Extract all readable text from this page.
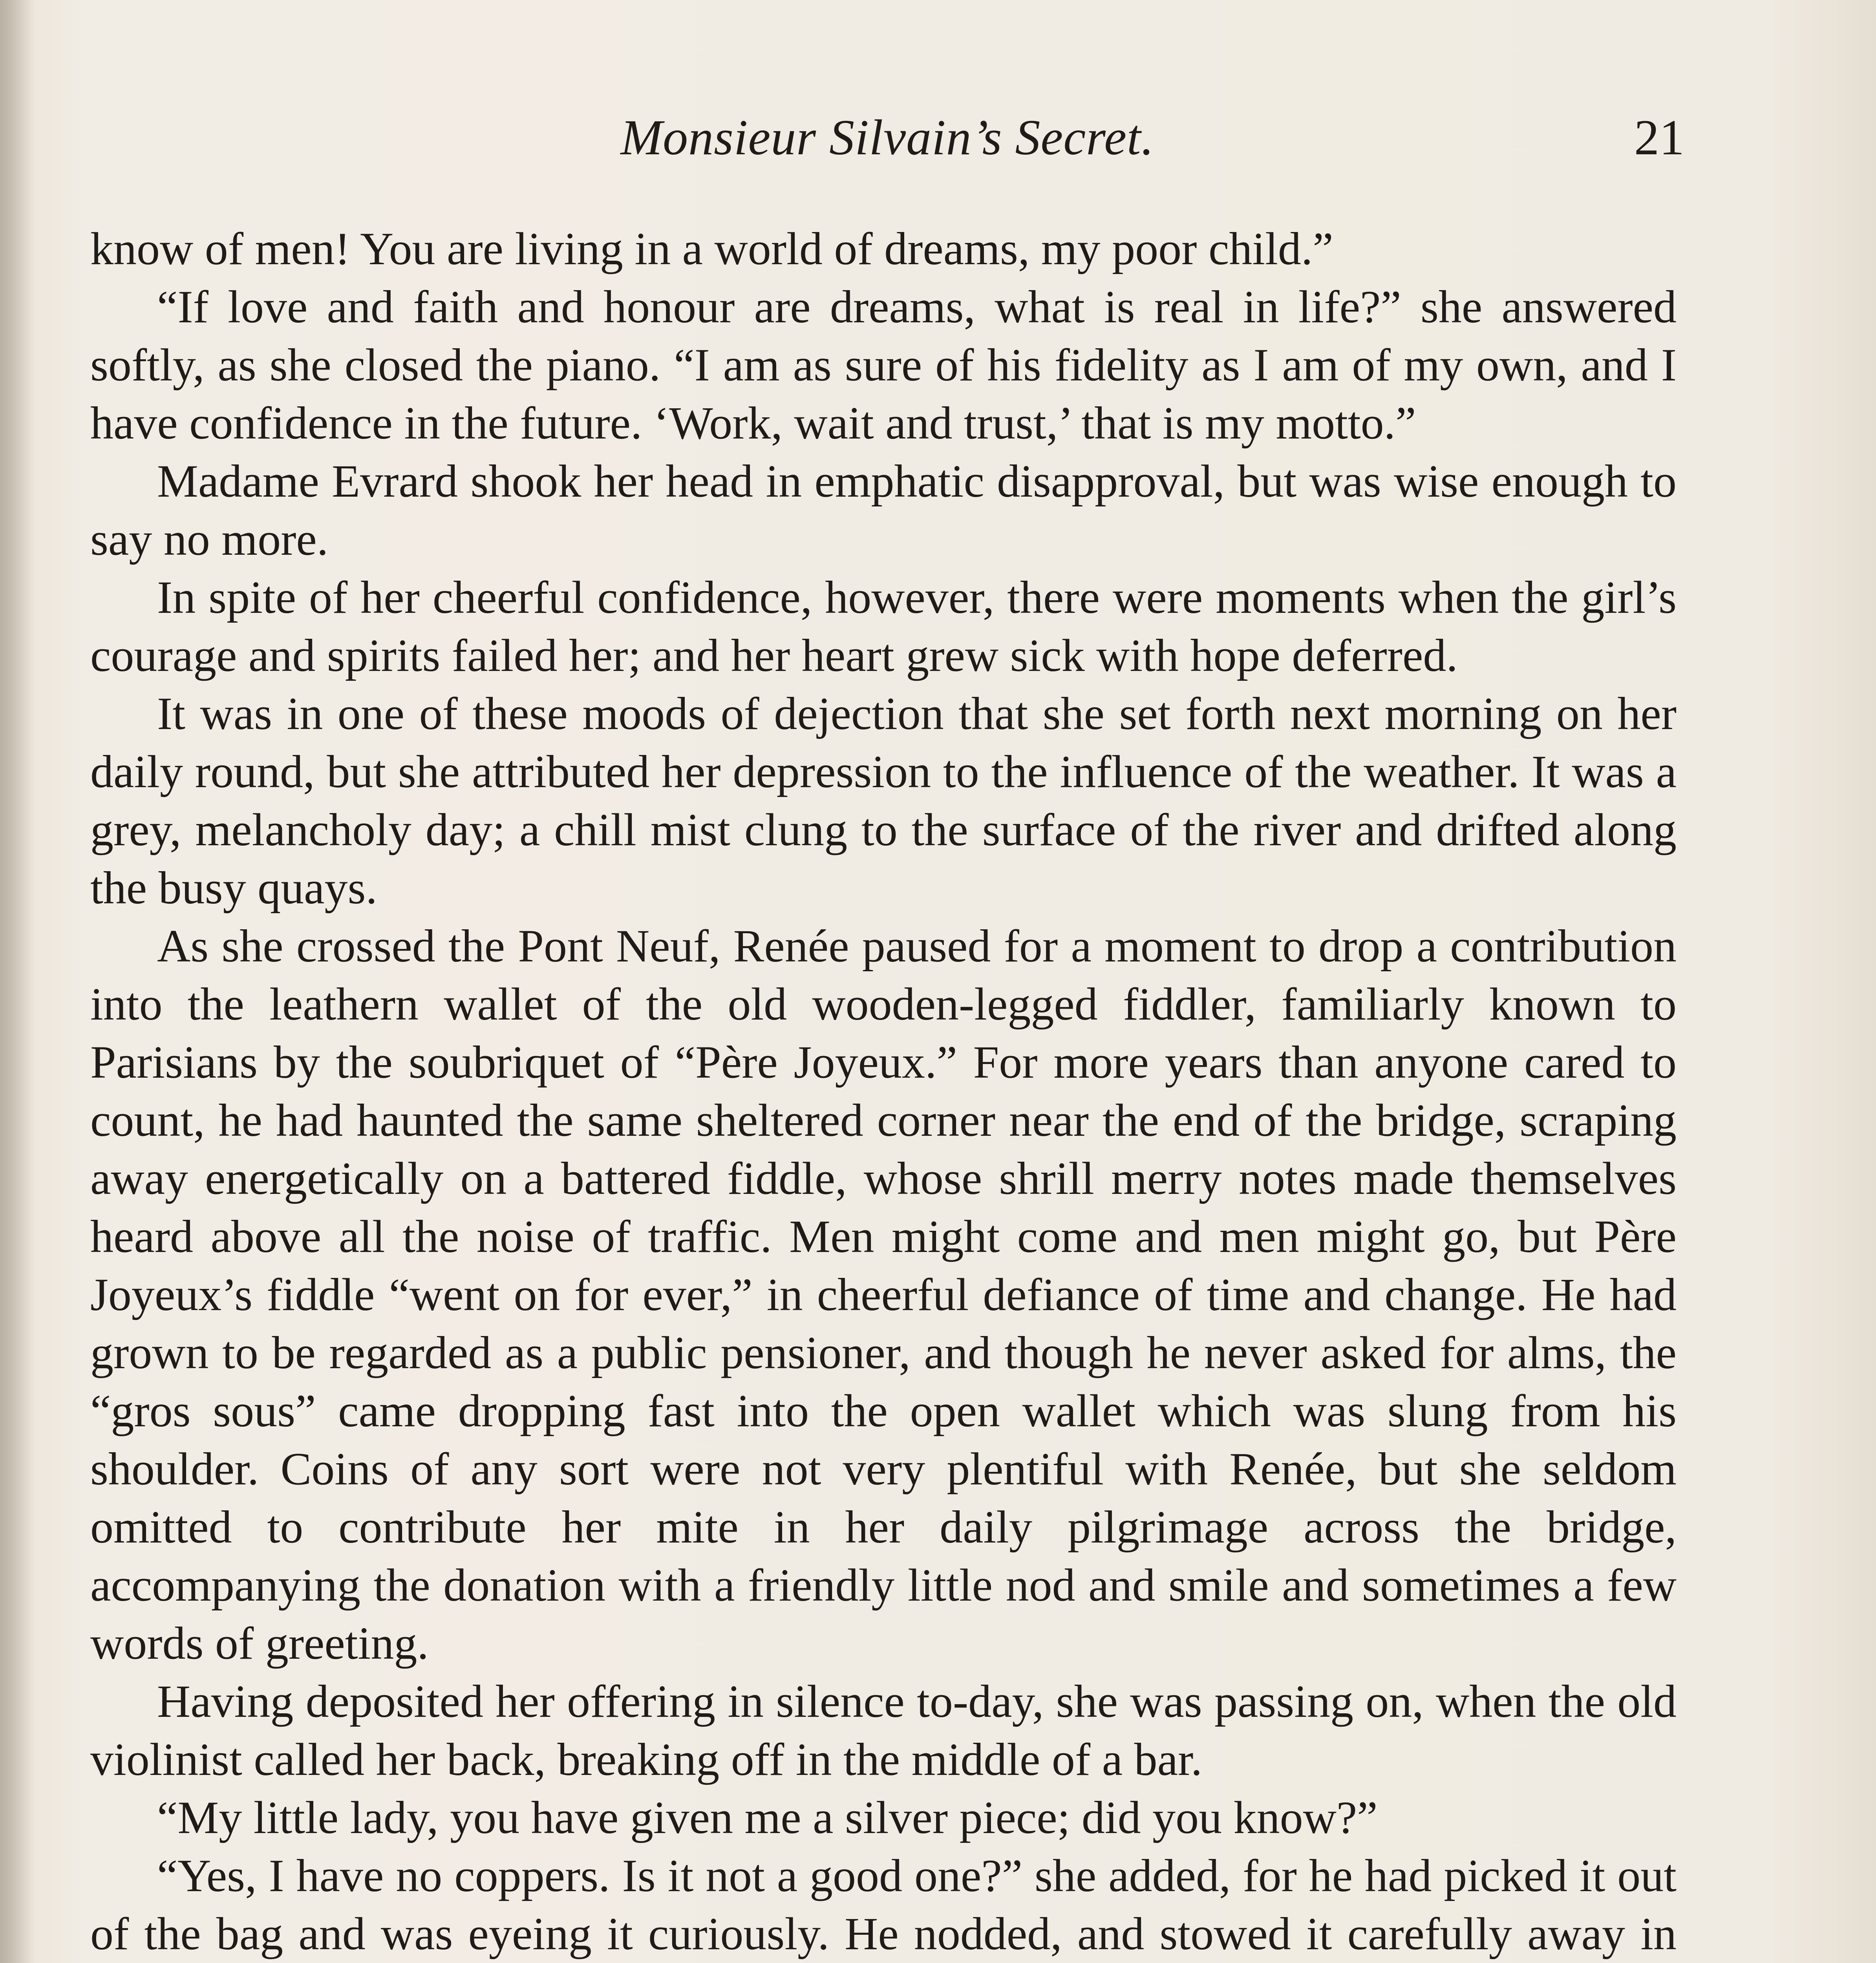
Monsieur Silvain’s Secret.	21

know of men! You are living in a world of dreams, my poor child.”

“If love and faith and honour are dreams, what is real in life?” she answered softly, as she closed the piano. “I am as sure of his fidelity as I am of my own, and I have confidence in the future. ‘Work, wait and trust,’ that is my motto.”

Madame Evrard shook her head in emphatic disapproval, but was wise enough to say no more.

In spite of her cheerful confidence, however, there were moments when the girl’s courage and spirits failed her; and her heart grew sick with hope deferred.

It was in one of these moods of dejection that she set forth next morning on her daily round, but she attributed her depression to the influence of the weather. It was a grey, melancholy day; a chill mist clung to the surface of the river and drifted along the busy quays.

As she crossed the Pont Neuf, Renée paused for a moment to drop a contribution into the leathern wallet of the old wooden-legged fiddler, familiarly known to Parisians by the soubriquet of “Père Joyeux.” For more years than anyone cared to count, he had haunted the same sheltered corner near the end of the bridge, scraping away energetically on a battered fiddle, whose shrill merry notes made themselves heard above all the noise of traffic. Men might come and men might go, but Père Joyeux’s fiddle “went on for ever,” in cheerful defiance of time and change. He had grown to be regarded as a public pensioner, and though he never asked for alms, the “gros sous” came dropping fast into the open wallet which was slung from his shoulder. Coins of any sort were not very plentiful with Renée, but she seldom omitted to contribute her mite in her daily pilgrimage across the bridge, accompanying the donation with a friendly little nod and smile and sometimes a few words of greeting.

Having deposited her offering in silence to-day, she was passing on, when the old violinist called her back, breaking off in the middle of a bar.

“My little lady, you have given me a silver piece; did you know?”

“Yes, I have no coppers. Is it not a good one?” she added, for he had picked it out of the bag and was eyeing it curiously. He nodded, and stowed it carefully away in
